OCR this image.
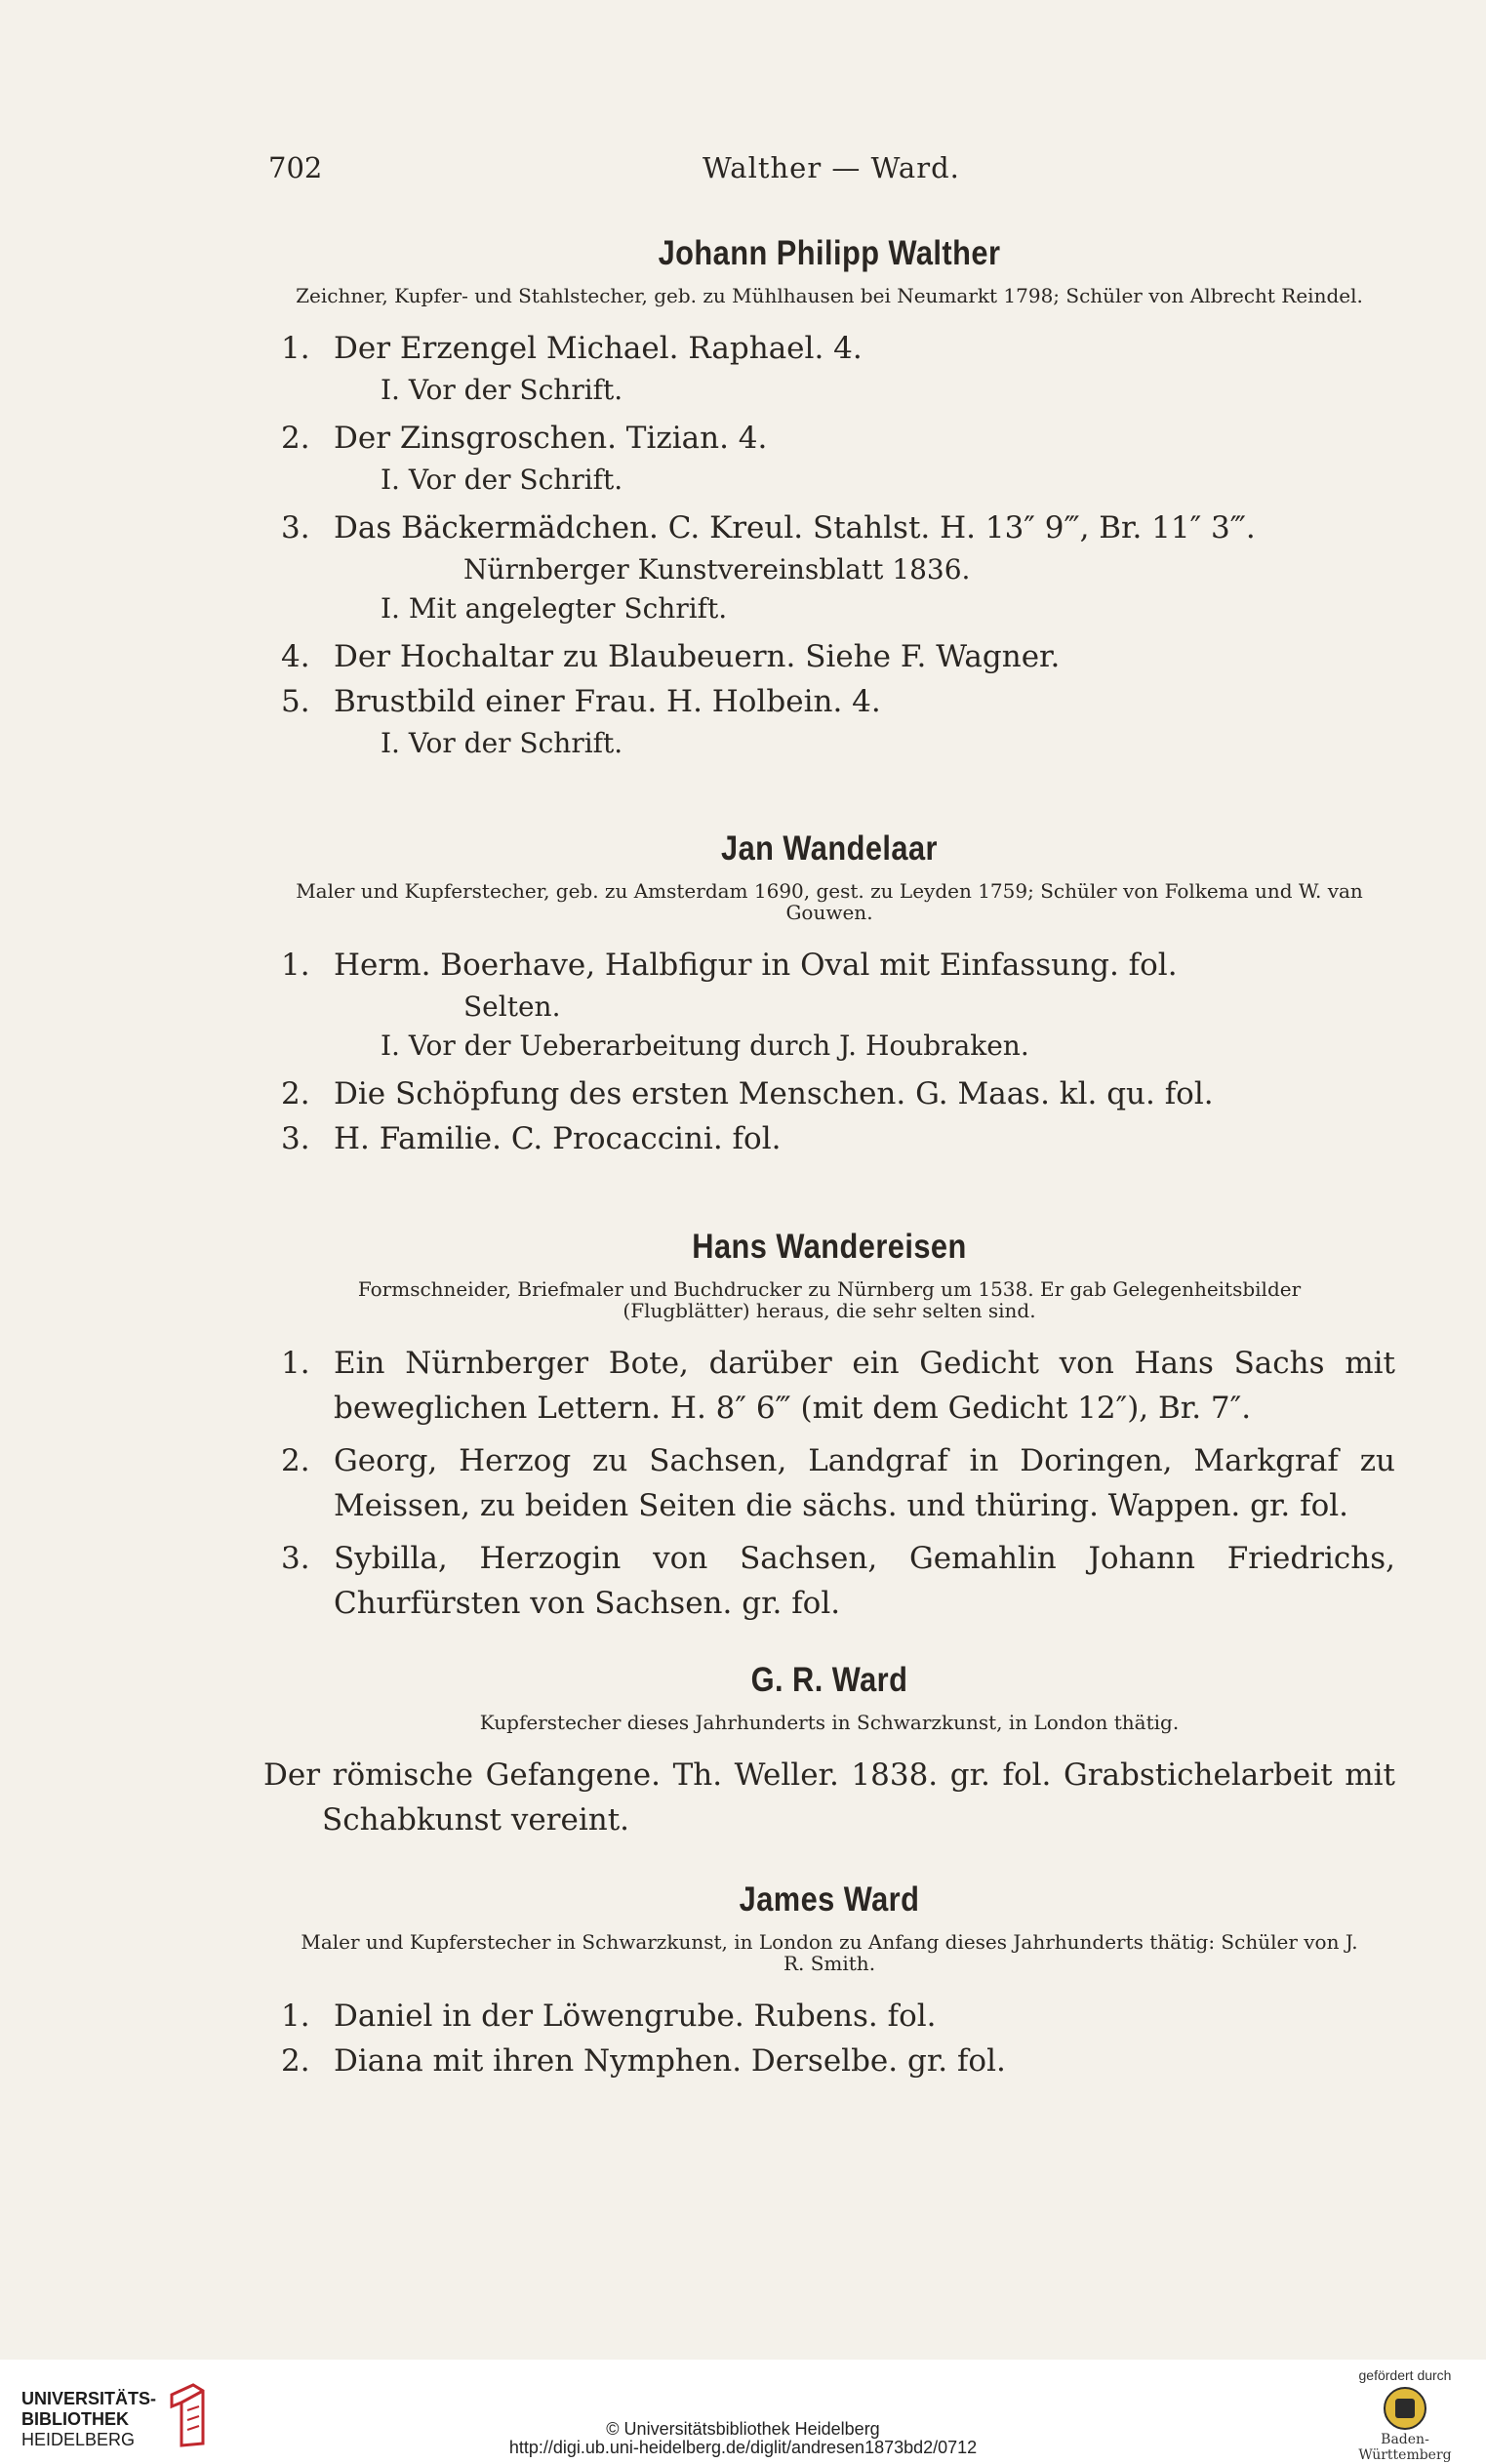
702	Walther — Ward.
Johann Philipp Walther
Zeichner, Kupfer- und Stahlstecher, geb. zu Mühlhausen bei Neumarkt 1798; Schüler von Albrecht Reindel.

1. Der Erzengel Michael. Raphael. 4.

I. Vor der Schrift.

2. Der Zinsgroschen. Tizian. 4.

I. Vor der Schrift.

3. Das Bäckermädchen. C. Kreul. Stahlst. H. 13″ 9‴, Br. 11″ 3‴.

Nürnberger Kunstvereinsblatt 1836.
I. Mit angelegter Schrift.

4. Der Hochaltar zu Blaubeuern. Siehe F. Wagner.

5. Brustbild einer Frau. H. Holbein. 4.

I. Vor der Schrift.
Jan Wandelaar
Maler und Kupferstecher, geb. zu Amsterdam 1690, gest. zu Leyden 1759; Schüler von Folkema und W. van Gouwen.

1. Herm. Boerhave, Halbfigur in Oval mit Einfassung. fol.

Selten.
I. Vor der Ueberarbeitung durch J. Houbraken.

2. Die Schöpfung des ersten Menschen. G. Maas. kl. qu. fol.

3. H. Familie. C. Procaccini. fol.

Hans Wandereisen
Formschneider, Briefmaler und Buchdrucker zu Nürnberg um 1538. Er gab Gelegenheitsbilder (Flugblätter) heraus, die sehr selten sind.

1. Ein Nürnberger Bote, darüber ein Gedicht von Hans Sachs mit beweglichen Lettern. H. 8″ 6‴ (mit dem Gedicht 12″), Br. 7″.

2. Georg, Herzog zu Sachsen, Landgraf in Doringen, Markgraf zu Meissen, zu beiden Seiten die sächs. und thüring. Wappen. gr. fol.

3. Sybilla, Herzogin von Sachsen, Gemahlin Johann Friedrichs, Churfürsten von Sachsen. gr. fol.

G. R. Ward
Kupferstecher dieses Jahrhunderts in Schwarzkunst, in London thätig.

Der römische Gefangene. Th. Weller. 1838. gr. fol. Grabstichelarbeit mit Schabkunst vereint.

James Ward
Maler und Kupferstecher in Schwarzkunst, in London zu Anfang dieses Jahrhunderts thätig: Schüler von J. R. Smith.

1. Daniel in der Löwengrube. Rubens. fol.

2. Diana mit ihren Nymphen. Derselbe. gr. fol.

UNIVERSITÄTS-
BIBLIOTHEK
HEIDELBERG
© Universitätsbibliothek Heidelberg
http://digi.ub.uni-heidelberg.de/diglit/andresen1873bd2/0712
gefördert durch
Baden-Württemberg
